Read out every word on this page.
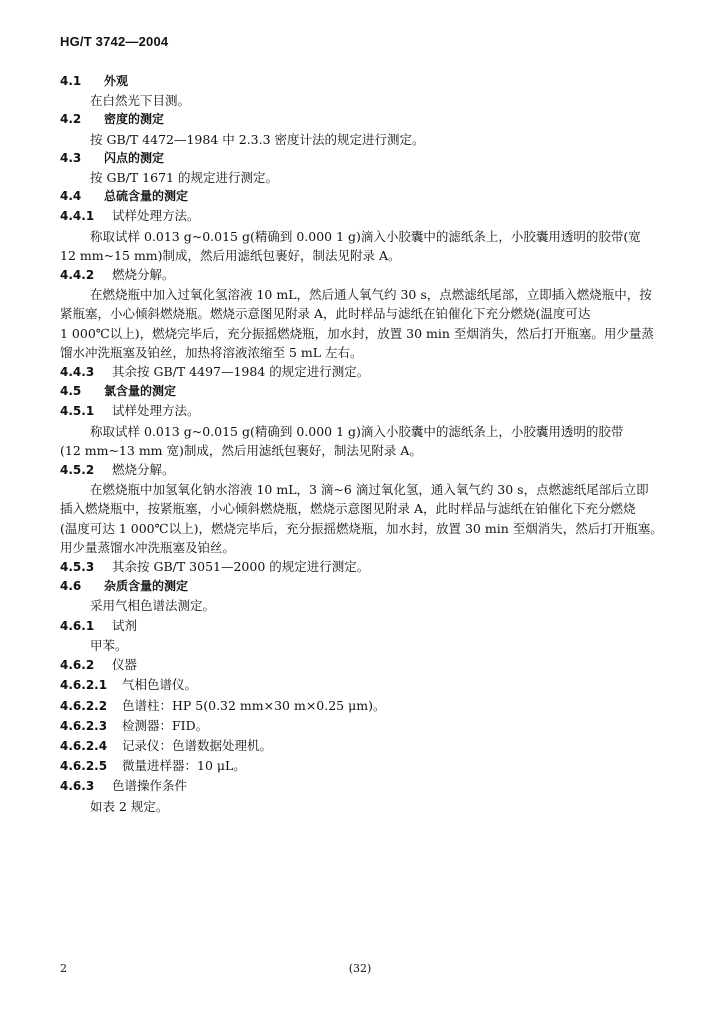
HG/T 3742—2004
4.1 外观
在白然光下目测。
4.2 密度的测定
按 GB/T 4472—1984 中 2.3.3 密度计法的规定进行测定。
4.3 闪点的测定
按 GB/T 1671 的规定进行测定。
4.4 总硫含量的测定
4.4.1 试样处理方法。
称取试样 0.013 g~0.015 g(精确到 0.000 1 g)滴入小胶囊中的滤纸条上，小胶囊用透明的胶带(宽
12 mm~15 mm)制成，然后用滤纸包裹好，制法见附录 A。
4.4.2 燃烧分解。
在燃烧瓶中加入过氧化氢溶液 10 mL，然后通人氧气约 30 s，点燃滤纸尾部，立即插入燃烧瓶中，按
紧瓶塞，小心倾斜燃烧瓶。燃烧示意图见附录 A，此时样品与滤纸在铂催化下充分燃烧(温度可达
1 000℃以上)，燃烧完毕后，充分振摇燃烧瓶，加水封，放置 30 min 至烟消失，然后打开瓶塞。用少量蒸
馏水冲洗瓶塞及铂丝，加热将溶液浓缩至 5 mL 左右。
4.4.3 其余按 GB/T 4497—1984 的规定进行测定。
4.5 氯含量的测定
4.5.1 试样处理方法。
称取试样 0.013 g~0.015 g(精确到 0.000 1 g)滴入小胶囊中的滤纸条上，小胶囊用透明的胶带
(12 mm~13 mm 宽)制成，然后用滤纸包裹好，制法见附录 A。
4.5.2 燃烧分解。
在燃烧瓶中加氢氧化钠水溶液 10 mL，3 滴~6 滴过氧化氢，通入氧气约 30 s，点燃滤纸尾部后立即
插入燃烧瓶中，按紧瓶塞，小心倾斜燃烧瓶，燃烧示意图见附录 A，此时样品与滤纸在铂催化下充分燃烧
(温度可达 1 000℃以上)，燃烧完毕后，充分振摇燃烧瓶，加水封，放置 30 min 至烟消失，然后打开瓶塞。
用少量蒸馏水冲洗瓶塞及铂丝。
4.5.3 其余按 GB/T 3051—2000 的规定进行测定。
4.6 杂质含量的测定
采用气相色谱法测定。
4.6.1 试剂
甲苯。
4.6.2 仪器
4.6.2.1 气相色谱仪。
4.6.2.2 色谱柱：HP 5(0.32 mm×30 m×0.25 μm)。
4.6.2.3 检测器：FID。
4.6.2.4 记录仪：色谱数据处理机。
4.6.2.5 微量进样器：10 μL。
4.6.3 色谱操作条件
如表 2 规定。
2	(32)
